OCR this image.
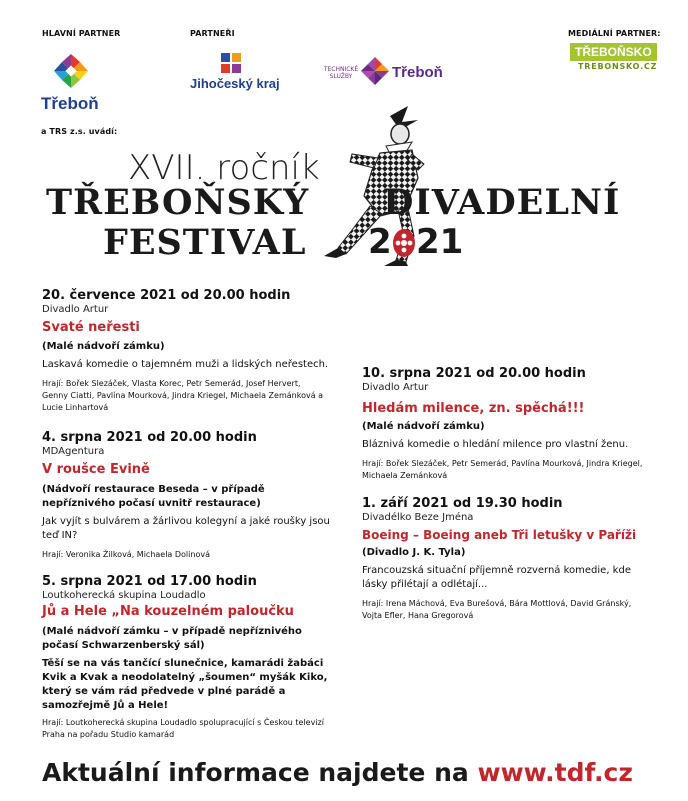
HLAVNÍ PARTNER	PARTNEŘI	MEDIÁLNÍ PARTNER:
Třeboň
Jihočeský kraj
TECHNICKÉ
SLUŽBY	Třeboň
TŘEBOŇSKO
TREBONSKO.CZ
a TRS z.s. uvádí:
XVII. ročník
TŘEBOŇSKÝ DIVADELNÍ
FESTIVAL 2 21
20. července 2021 od 20.00 hodin
Divadlo Artur
Svaté neřesti
(Malé nádvoří zámku)
Laskavá komedie o tajemném muži a lidských neřestech.
Hrají: Bořek Slezáček, Vlasta Korec, Petr Semerád, Josef Hervert, Genny Ciatti, Pavlína Mourková, Jindra Kriegel, Michaela Zemánková a Lucie Linhartová
4. srpna 2021 od 20.00 hodin
MDAgentura
V roušce Evině
(Nádvoří restaurace Beseda – v případě nepříznivého počasí uvnitř restaurace)
Jak vyjít s bulvárem a žárlivou kolegyní a jaké roušky jsou teď IN?
Hrají: Veronika Žilková, Michaela Dolinová
5. srpna 2021 od 17.00 hodin
Loutkoherecká skupina Loudadlo
Jů a Hele „Na kouzelném paloučku
(Malé nádvoří zámku – v případě nepříznivého počasí Schwarzenberský sál)
Těší se na vás tančící slunečnice, kamarádi žabáci Kvik a Kvak a neodolatelný „šoumen“ myšák Kiko, který se vám rád předvede v plné parádě a samozřejmě Jů a Hele!
Hrají: Loutkoherecká skupina Loudadlo spolupracující s Českou televizí Praha na pořadu Studio kamarád
10. srpna 2021 od 20.00 hodin
Divadlo Artur
Hledám milence, zn. spěchá!!!
(Malé nádvoří zámku)
Bláznivá komedie o hledání milence pro vlastní ženu.
Hrají: Bořek Slezáček, Petr Semerád, Pavlína Mourková, Jindra Kriegel, Michaela Zemánková
1. září 2021 od 19.30 hodin
Divadélko Beze Jména
Boeing – Boeing aneb Tři letušky v Paříži
(Divadlo J. K. Tyla)
Francouzská situační příjemně rozverná komedie, kde lásky přilétají a odlétají...
Hrají: Irena Máchová, Eva Burešová, Bára Mottlová, David Gránský, Vojta Efler, Hana Gregorová
Aktuální informace najdete na www.tdf.cz
